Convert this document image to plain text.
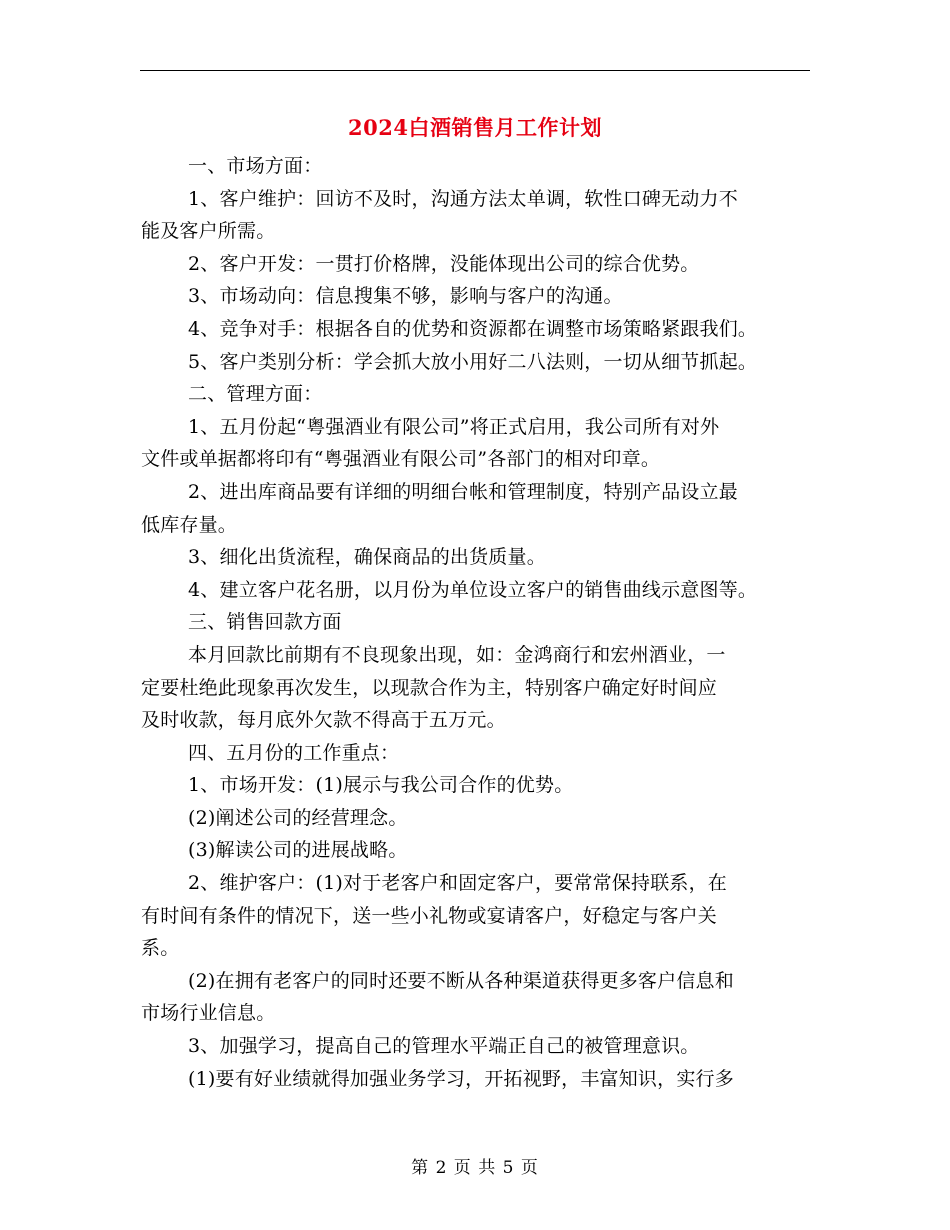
2024白酒销售月工作计划

一、市场方面：

1、客户维护：回访不及时，沟通方法太单调，软性口碑无动力不

能及客户所需。

2、客户开发：一贯打价格牌，没能体现出公司的综合优势。

3、市场动向：信息搜集不够，影响与客户的沟通。

4、竞争对手：根据各自的优势和资源都在调整市场策略紧跟我们。

5、客户类别分析：学会抓大放小用好二八法则，一切从细节抓起。

二、管理方面：

1、五月份起“粤强酒业有限公司”将正式启用，我公司所有对外

文件或单据都将印有“粤强酒业有限公司”各部门的相对印章。

2、进出库商品要有详细的明细台帐和管理制度，特别产品设立最

低库存量。

3、细化出货流程，确保商品的出货质量。

4、建立客户花名册，以月份为单位设立客户的销售曲线示意图等。

三、销售回款方面

本月回款比前期有不良现象出现，如：金鸿商行和宏州酒业，一

定要杜绝此现象再次发生，以现款合作为主，特别客户确定好时间应

及时收款，每月底外欠款不得高于五万元。

四、五月份的工作重点：

1、市场开发：(1)展示与我公司合作的优势。

(2)阐述公司的经营理念。

(3)解读公司的进展战略。

2、维护客户：(1)对于老客户和固定客户，要常常保持联系，在

有时间有条件的情况下，送一些小礼物或宴请客户，好稳定与客户关

系。

(2)在拥有老客户的同时还要不断从各种渠道获得更多客户信息和

市场行业信息。

3、加强学习，提高自己的管理水平端正自己的被管理意识。

(1)要有好业绩就得加强业务学习，开拓视野，丰富知识，实行多

第 2 页 共 5 页
